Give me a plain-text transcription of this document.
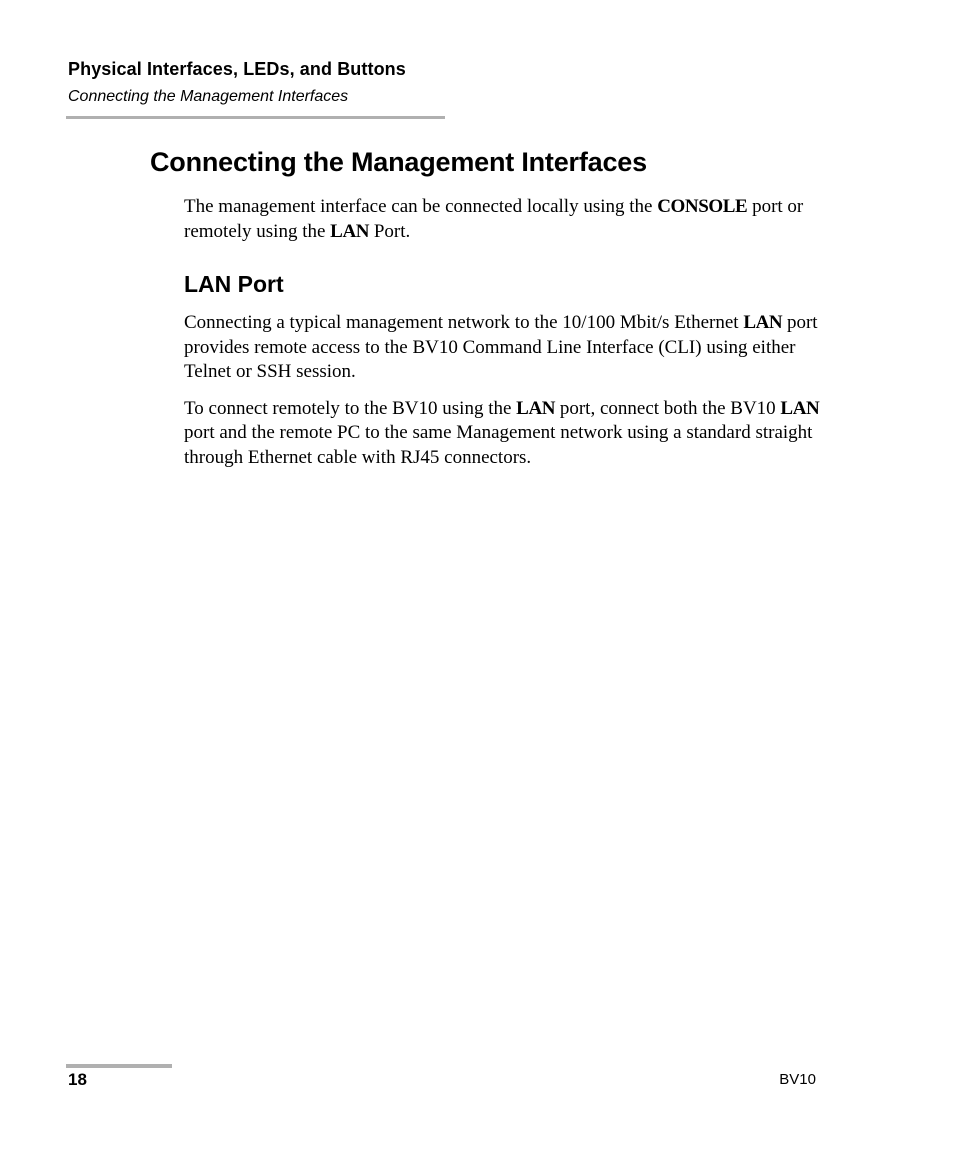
Physical Interfaces, LEDs, and Buttons
Connecting the Management Interfaces
Connecting the Management Interfaces

The management interface can be connected locally using the CONSOLE port or remotely using the LAN Port.

LAN Port

Connecting a typical management network to the 10/100 Mbit/s Ethernet LAN port provides remote access to the BV10 Command Line Interface (CLI) using either Telnet or SSH session.

To connect remotely to the BV10 using the LAN port, connect both the BV10 LAN port and the remote PC to the same Management network using a standard straight through Ethernet cable with RJ45 connectors.

18	BV10
